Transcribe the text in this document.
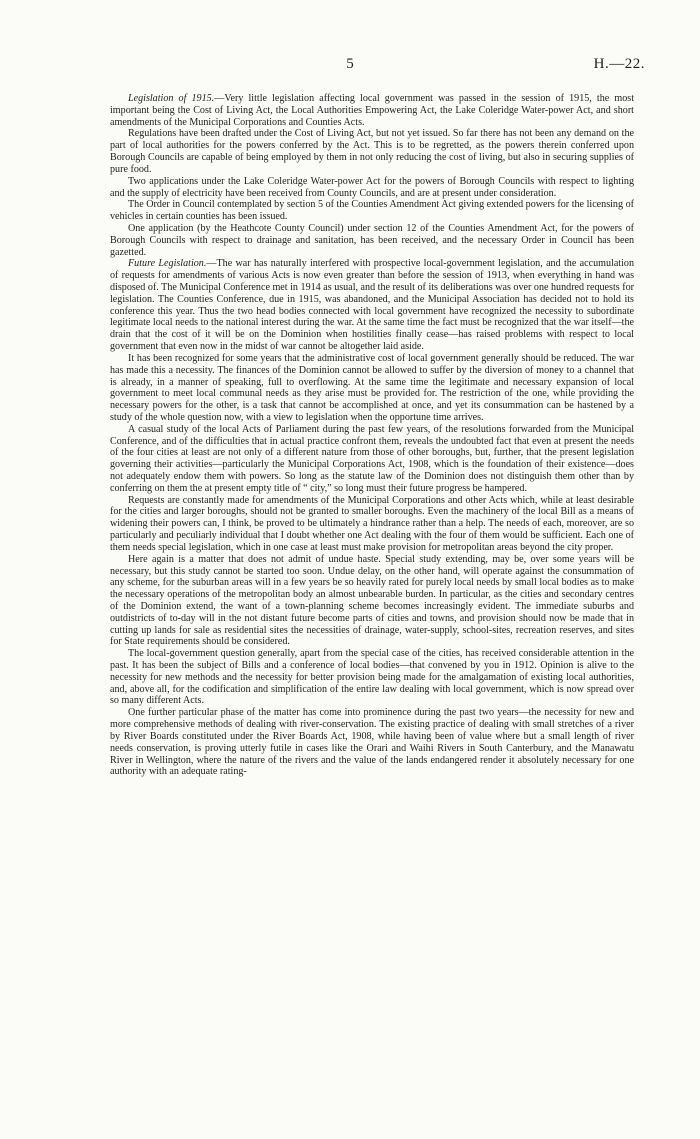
5	H.—22.

Legislation of 1915.—Very little legislation affecting local government was passed in the session of 1915, the most important being the Cost of Living Act, the Local Authorities Empowering Act, the Lake Coleridge Water-power Act, and short amendments of the Municipal Corporations and Counties Acts.

Regulations have been drafted under the Cost of Living Act, but not yet issued. So far there has not been any demand on the part of local authorities for the powers conferred by the Act. This is to be regretted, as the powers therein conferred upon Borough Councils are capable of being employed by them in not only reducing the cost of living, but also in securing supplies of pure food.

Two applications under the Lake Coleridge Water-power Act for the powers of Borough Councils with respect to lighting and the supply of electricity have been received from County Councils, and are at present under consideration.

The Order in Council contemplated by section 5 of the Counties Amendment Act giving extended powers for the licensing of vehicles in certain counties has been issued.

One application (by the Heathcote County Council) under section 12 of the Counties Amendment Act, for the powers of Borough Councils with respect to drainage and sanitation, has been received, and the necessary Order in Council has been gazetted.

Future Legislation.—The war has naturally interfered with prospective local-government legislation, and the accumulation of requests for amendments of various Acts is now even greater than before the session of 1913, when everything in hand was disposed of. The Municipal Conference met in 1914 as usual, and the result of its deliberations was over one hundred requests for legislation. The Counties Conference, due in 1915, was abandoned, and the Municipal Association has decided not to hold its conference this year. Thus the two head bodies connected with local government have recognized the necessity to subordinate legitimate local needs to the national interest during the war. At the same time the fact must be recognized that the war itself—the drain that the cost of it will be on the Dominion when hostilities finally cease—has raised problems with respect to local government that even now in the midst of war cannot be altogether laid aside.

It has been recognized for some years that the administrative cost of local government generally should be reduced. The war has made this a necessity. The finances of the Dominion cannot be allowed to suffer by the diversion of money to a channel that is already, in a manner of speaking, full to overflowing. At the same time the legitimate and necessary expansion of local government to meet local communal needs as they arise must be provided for. The restriction of the one, while providing the necessary powers for the other, is a task that cannot be accomplished at once, and yet its consummation can be hastened by a study of the whole question now, with a view to legislation when the opportune time arrives.

A casual study of the local Acts of Parliament during the past few years, of the resolutions forwarded from the Municipal Conference, and of the difficulties that in actual practice confront them, reveals the undoubted fact that even at present the needs of the four cities at least are not only of a different nature from those of other boroughs, but, further, that the present legislation governing their activities—particularly the Municipal Corporations Act, 1908, which is the foundation of their existence—does not adequately endow them with powers. So long as the statute law of the Dominion does not distinguish them other than by conferring on them the at present empty title of “ city,” so long must their future progress be hampered.

Requests are constantly made for amendments of the Municipal Corporations and other Acts which, while at least desirable for the cities and larger boroughs, should not be granted to smaller boroughs. Even the machinery of the local Bill as a means of widening their powers can, I think, be proved to be ultimately a hindrance rather than a help. The needs of each, moreover, are so particularly and peculiarly individual that I doubt whether one Act dealing with the four of them would be sufficient. Each one of them needs special legislation, which in one case at least must make provision for metropolitan areas beyond the city proper.

Here again is a matter that does not admit of undue haste. Special study extending, may be, over some years will be necessary, but this study cannot be started too soon. Undue delay, on the other hand, will operate against the consummation of any scheme, for the suburban areas will in a few years be so heavily rated for purely local needs by small local bodies as to make the necessary operations of the metropolitan body an almost unbearable burden. In particular, as the cities and secondary centres of the Dominion extend, the want of a town-planning scheme becomes increasingly evident. The immediate suburbs and outdistricts of to-day will in the not distant future become parts of cities and towns, and provision should now be made that in cutting up lands for sale as residential sites the necessities of drainage, water-supply, school-sites, recreation reserves, and sites for State requirements should be considered.

The local-government question generally, apart from the special case of the cities, has received considerable attention in the past. It has been the subject of Bills and a conference of local bodies—that convened by you in 1912. Opinion is alive to the necessity for new methods and the necessity for better provision being made for the amalgamation of existing local authorities, and, above all, for the codification and simplification of the entire law dealing with local government, which is now spread over so many different Acts.

One further particular phase of the matter has come into prominence during the past two years—the necessity for new and more comprehensive methods of dealing with river-conservation. The existing practice of dealing with small stretches of a river by River Boards constituted under the River Boards Act, 1908, while having been of value where but a small length of river needs conservation, is proving utterly futile in cases like the Orari and Waihi Rivers in South Canterbury, and the Manawatu River in Wellington, where the nature of the rivers and the value of the lands endangered render it absolutely necessary for one authority with an adequate rating-
